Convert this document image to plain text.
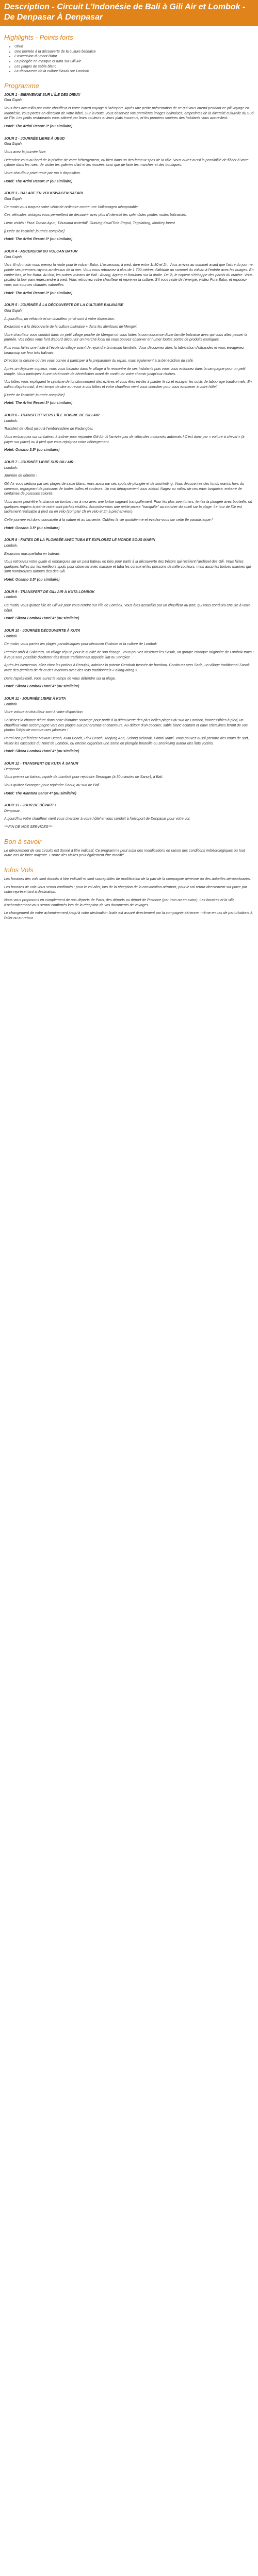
Description - Circuit L'Indonésie de Bali à Gili Air et Lombok - De Denpasar À Denpasar
Highlights - Points forts
• Ubud
• Une journée à la découverte de la culture balinaise
• L'ascension du mont Batur
• La plongée en masque et tuba sur Gili Air
• Les plages de sable blanc
• La découverte de la culture Sasak sur Lombok
Programme
JOUR 1 - BIENVENUE SUR L'ÎLE DES DIEUX
Goa Gajah.
Vous êtes accueillis par votre chauffeur et votre expert voyage à l'aéroport. Après une petite présentation de ce qui vous attend pendant ce joli voyage en Indonésie, vous partez en direction de votre hôtel. Sur la route, vous observez vos premières images balinaises, empreintes de la diversité culturelle du Sud de l'île. Les petits restaurants vous attirent par leurs couleurs et leurs plats inconnus, et les premiers sourires des habitants vous accueillent.
Hotel: The Artini Resort 3* (ou similaire)
JOUR 2 - JOURNÉE LIBRE À UBUD
Goa Gajah.
Vous avez la journée libre.
Détendez-vous au bord de la piscine de votre hébergement, ou bien dans un des fameux spas de la ville. Vous aurez aussi la possibilité de flâner à votre rythme dans les rues, de visiter les galeries d'art et les musées ainsi que de faire les marchés et des boutiques.
Votre chauffeur privé reste par ma à disposition.
Hotel: The Artini Resort 3* (ou similaire)
JOUR 3 - BALADE EN VOLKSWAGEN SAFARI
Goa Gajah.
Ce matin vous traquez votre véhicule ordinaire contre une Volkswagen décapotable.
Ces véhicules vintages vous permettent de découvrir avec plus d'intensité les splendides petites routes balinaises.
Lieux visités : Pura Taman Ayun, Tibuwana waterfall, Gunung Kawi/Tirta Empul, Tegalalang, Monkey forest
[Durée de l'activité: journée complète]
Hotel: The Artini Resort 3* (ou similaire)
JOUR 4 - ASCENSION DU VOLCAN BATUR
Goa Gajah.
Vers 4h du matin vous prenez la route pour le volcan Batur. L'ascension, à pied, dure entre 1h30 et 2h. Vous arrivez au sommet avant que l'astre du jour ne pointe ses premiers rayons au-dessus de la mer. Vous vous retrouvez à plus de 1 700 mètres d'altitude au sommet du volcan à l'entrée avec les nuages. En contre-bas, le lac Batur. Au loin, les autres volcans de Bali : Abang, Agung et Batukaru sur la droite. De là, le copieur s'échappe des parois du cratère. Vous profitez là tour pain redescendre à pied. Vous retrouvez votre chauffeur et reprenez la culture. S'il vous reste de l'énergie, visitez Pura Batur, et reposez-vous aux sources chaudes naturelles.
Hotel: The Artini Resort 3* (ou similaire)
JOUR 5 - JOURNÉE À LA DÉCOUVERTE DE LA CULTURE BALINAISE
Goa Gajah.
Aujourd'hui, un véhicule et un chauffeur privé sont à votre disposition.
Excursion « à la découverte de la culture balinaise » dans les alentours de Mengwi.
Votre chauffeur vous conduit dans un petit village proche de Mengwi où vous faites la connaissance d'une famille balinaise avec qui vous allez passer la journée. Vos hôtes vous font d'abord découvrir un marché local où vous pouvez observer et humer toutes sortes de produits exotiques.
Puis vous faites une halte à l'école du village avant de rejoindre la maison familiale. Vous découvrez alors la fabrication d'offrandes et vous enrageriez beaucoup sur leur très balinais.
Direction la cuisine où l'on vous convie à participer à la préparation du repas, mais également à la bénédiction du café.
Après un déjeuner copieux, vous vous baladez dans le village à la rencontre de ses habitants puis vous vous enfoncez dans la campagne pour un petit temple. Vous participez à une cérémonie de bénédiction avant de continuer votre chemin jusqu'aux rizières.
Vos hôtes vous expliquent le système de fonctionnement des rizières et vous êtes invités à planter le riz et essayer les outils de labourage traditionnels. En milieu d'après-midi, il est temps de dire au revoir à vos hôtes et votre chauffeur vient vous chercher pour vous emmener à votre hôtel.
[Durée de l'activité: journée complète]
Hotel: The Artini Resort 3* (ou similaire)
JOUR 6 - TRANSFERT VERS L'ÎLE VOISINE DE GILI AIR
Lombok.
Transfert de Ubud jusqu'à l'embarcadère de Padangbai.
Vous embarquez sur un bateau à traîner pour rejoindre Gili Air. À l'arrivée pas de véhicules motorisés autorisés ! C'est donc par « voiture à cheval » (à payer sur place) ou à pied que vous rejoignez votre hébergement.
Hotel: Oceano 3.5* (ou similaire)
JOUR 7 - JOURNÉE LIBRE SUR GILI AIR
Lombok.
Journée de détente !
Gili Air vous séduira par ses plages de sable blanc, mais aussi par ses spots de plongée et de snorkelling. Vous découvrirez des fonds marins hors du commun, regorgeant de poissons de toutes tailles et couleurs. Un vrai dépaysement vous attend. Nagez au milieu de ces eaux turquoise, entouré de centaines de poissons colorés.
Vous aurez peut-être la chance de tomber nez à nez avec une tortue nageant tranquillement. Pour les plus aventuriers, tentez la plongée avec bouteille, où quelques requins à pointe noire sont parfois visibles. Accordez-vous une petite pause "tranquille" au coucher du soleil sur la plage. Le tour de l'île est facilement réalisable à pied ou en vélo (compter 1h en vélo et 2h à pied environ).
Cette journée est donc consacrée à la nature et au farniente. Oubliez la vie quotidienne et évadez-vous sur cette île paradisiaque !
Hotel: Oceano 3.5* (ou similaire)
JOUR 8 - FAITES DE LA PLONGÉE AVEC TUBA ET EXPLOREZ LE MONDE SOUS MARIN
Lombok.
Excursion masque/tuba en bateau.
Vous retrouvez votre guide et embarquez sur un petit bateau en bois pour partir à la découverte des trésors qui recèlent l'archipel des Gili. Vous faites quelques haltes sur les meilleurs spots pour observer avec masque et tuba les coraux et les poissons de mille couleurs, mais aussi les tortues marines qui sont nombreuses autours des des Gili.
Hotel: Oceano 3.5* (ou similaire)
JOUR 9 - TRANSFERT DE GILI AIR À KUTA LOMBOK
Lombok.
Ce matin, vous quittez l'île de Gili Air pour vous rendre sur l'île de Lombok. Vous êtes accueillis par un chauffeur au port, qui vous conduira ensuite à votre hôtel.
Hotel: Sikara Lombok Hotel 4* (ou similaire)
JOUR 10 - JOURNÉE DÉCOUVERTE À KUTA
Lombok.
Ce matin, vous partez les plages paradisiaques pour découvrir l'histoire et la culture de Lombok.
Premier arrêt à Sukarara, un village réputé pour la qualité de son tissage. Vous pouvez observer les Sasak, un groupe ethnique originaire de Lombok trava : il vous sera possible d'acheter des tissus traditionnels appelés ikat ou Songket.
Après les bienvenus, allez chez les potiers à Penujak, admirez la poterie Gerabah tressée de bambou. Continuez vers Sade, un village traditionnel Sasak avec des greniers de riz et des maisons avec des toits traditionnels « alang-alang ».
Dans l'après-midi, vous aurez le temps de vous détendre sur la plage.
Hotel: Sikara Lombok Hotel 4* (ou similaire)
JOUR 11 - JOURNÉE LIBRE À KUTA
Lombok.
Votre voiture et chauffeur sont à votre disposition.
Saisissez la chance d'être dans cette lointaine sauvage pour partir à la découverte des plus belles plages du sud de Lombok, inaccessibles à pied, un chauffeur vous accompagne vers ces plages aux panoramas enchanteurs. Au détour d'un cocotier, sable blanc éclatant et eaux cristallines feront de vos photos l'objet de nombreuses jalousies !
Parmi nos préférées: Mawun Beach, Kuta Beach, Pink Beach, Tanjung Aan, Selong Belanak, Pantai Mawi. Vous pouvez aussi prendre des cours de surf, visiter les cascades du Nord de Lombok, ou encore organiser une sortie en plongée bouteille ou snorkeling autour des îlots voisins.
Hotel: Sikara Lombok Hotel 4* (ou similaire)
JOUR 12 - TRANSFERT DE KUTA À SANUR
Denpasar.
Vous prenez un bateau rapide de Lombok pour rejoindre Serangan (à 30 minutes de Sanur), à Bali.
Vous quittez Serangan pour rejoindre Sanur, au sud de Bali.
Hotel: The Alantara Sanur 4* (ou similaire)
JOUR 13 - JOUR DE DÉPART !
Denpasar.
Aujourd'hui votre chauffeur vient vous chercher à votre hôtel et vous conduit à l'aéroport de Denpasar pour votre vol.
***FIN DE NOS SERVICES***
Bon à savoir
Le déroulement de ces circuits est donné à titre indicatif. Ce programme peut subir des modifications en raison des conditions météorologiques ou tout autre cas de force majeure. L'ordre des visites peut également être modifié.
Infos Vols
Les horaires des vols sont donnés à titre indicatif et sont susceptibles de modification de la part de la compagnie aérienne ou des autorités aéroportuaires.
Les horaires de vols vous seront confirmés : pour le vol aller, lors de la réception de la convocation aéroport, pour le vol retour directement sur place par notre représentant à destination.
Nous vous proposons en complément de nos départs de Paris, des départs au départ de Province (par train ou en avion). Les horaires et la ville d'acheminement vous seront confirmés lors de la réception de vos documents de voyages.
Le changement de votre acheminement jusqu'à votre destination finale est assuré directement par la compagnie aérienne, même en cas de perturbations à l'aller ou au retour.
